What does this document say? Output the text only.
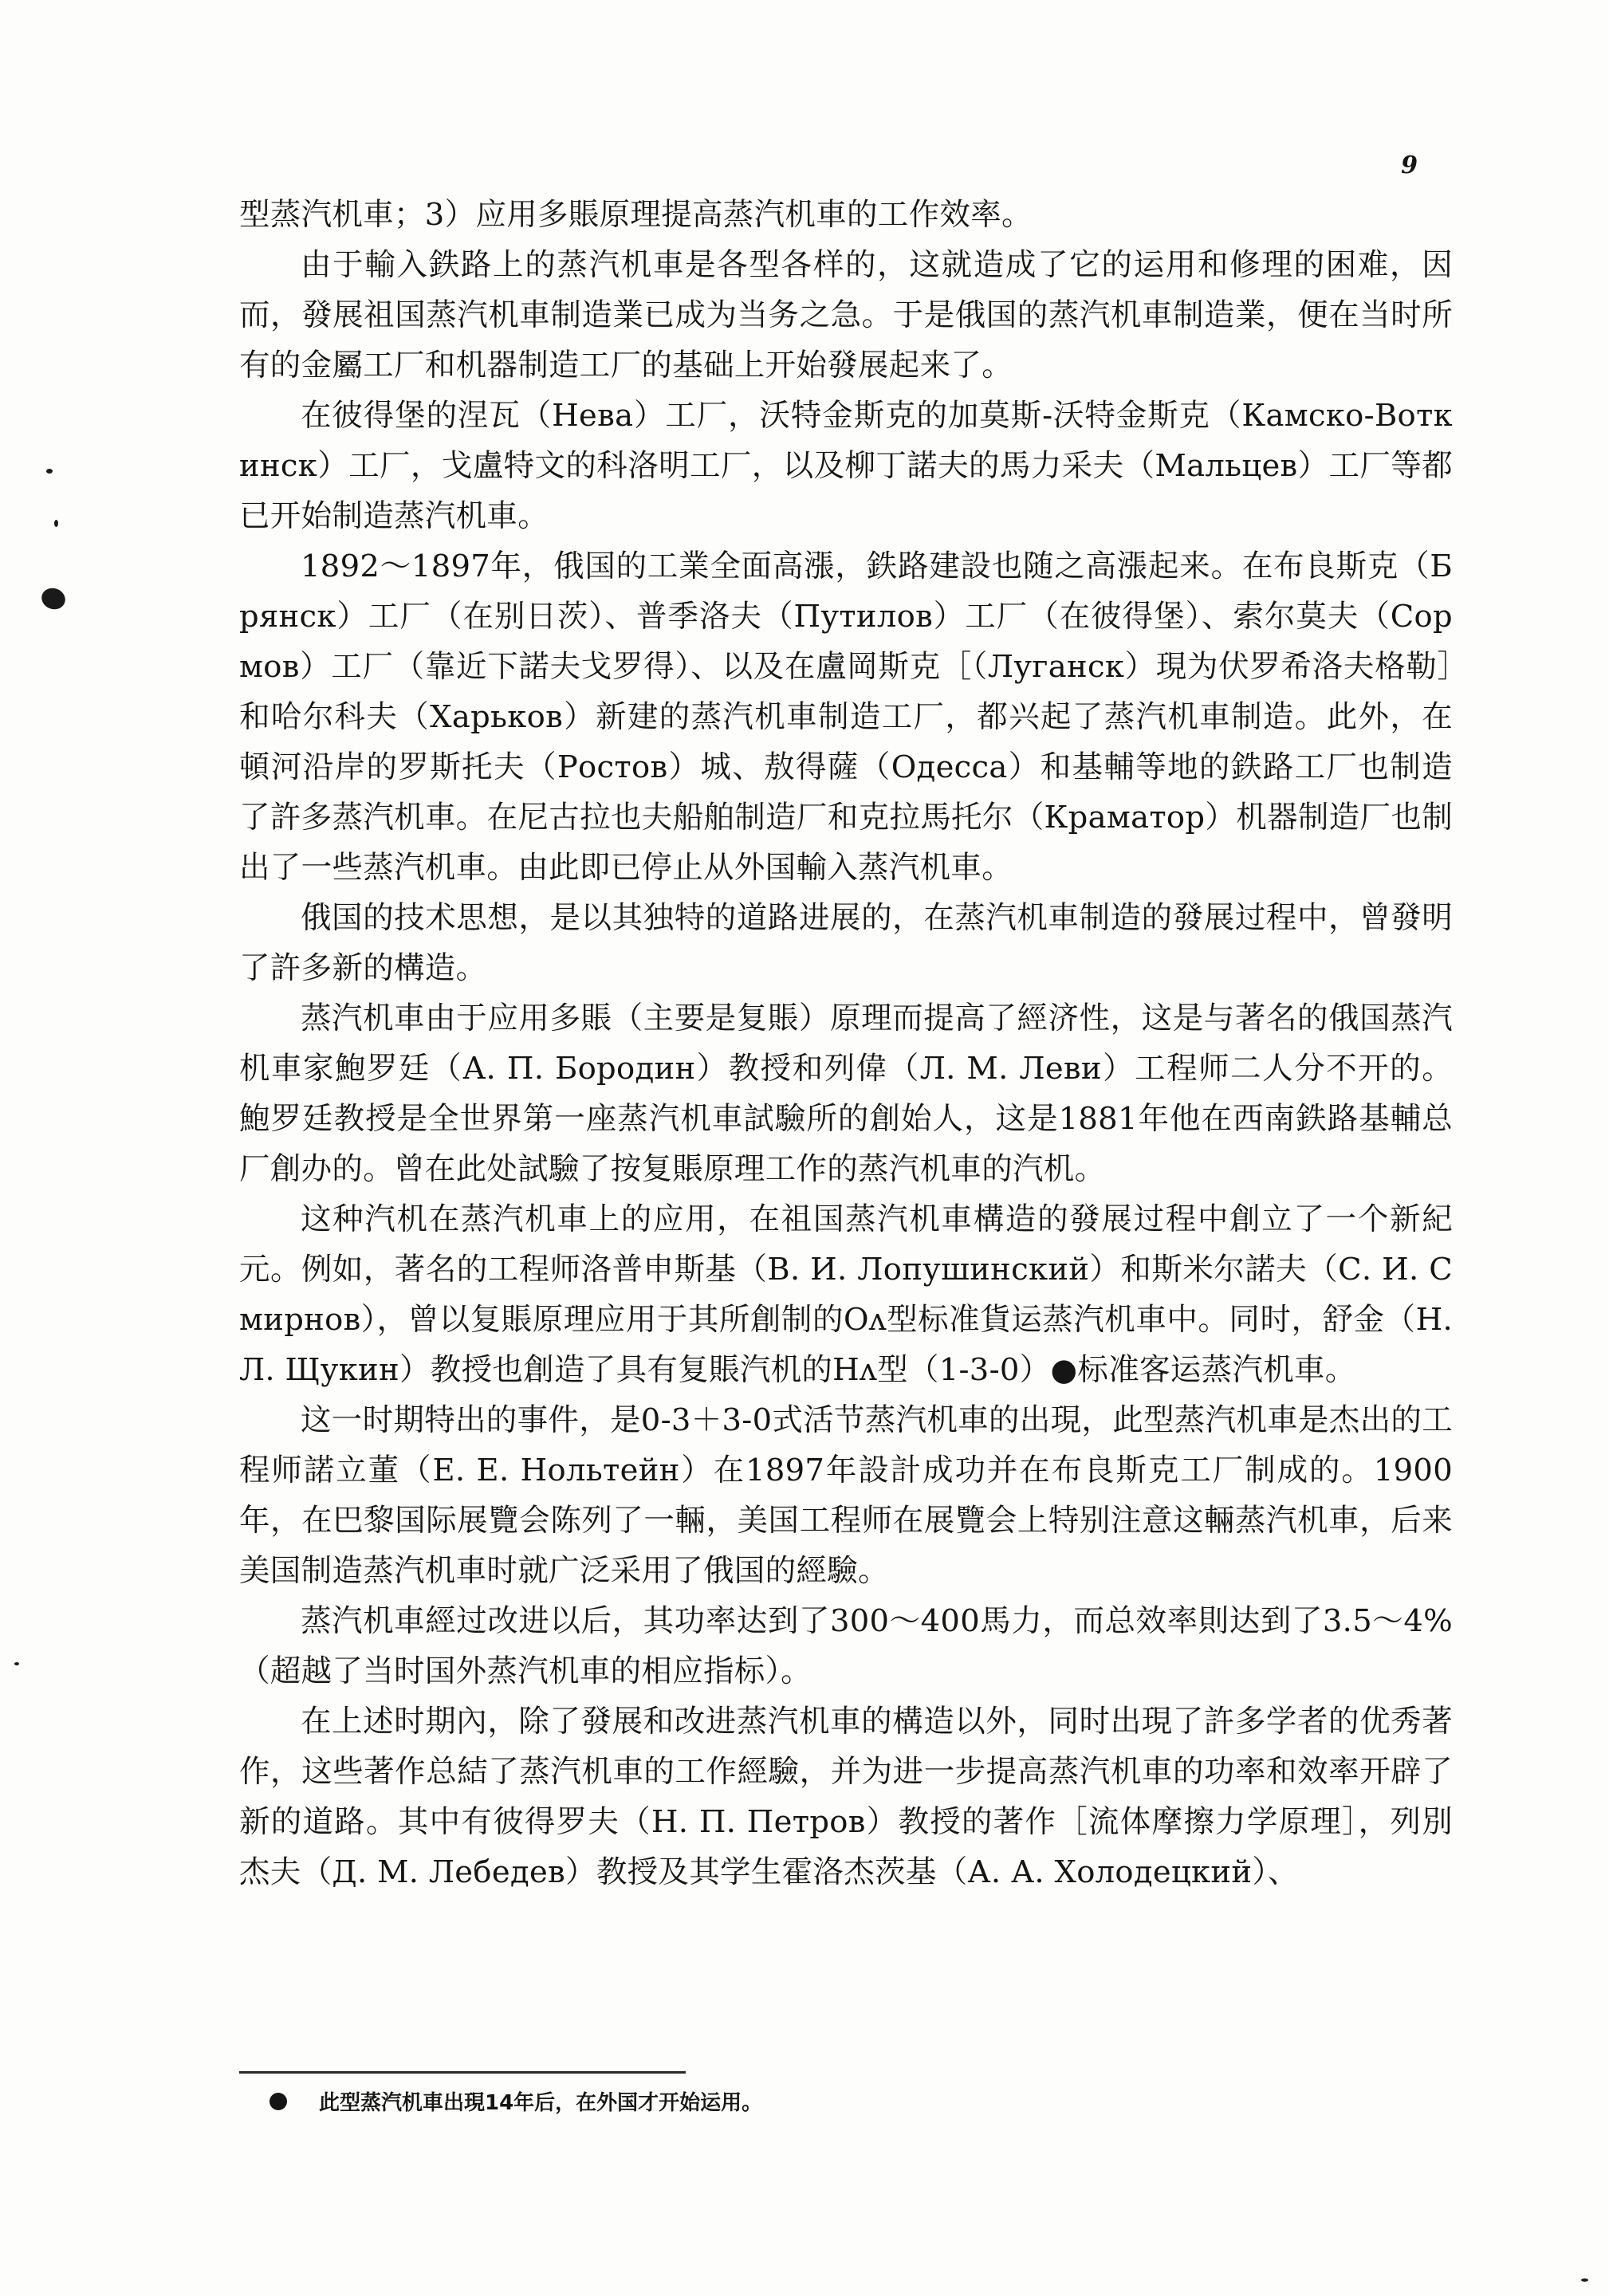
9

型蒸汽机車；3）应用多賬原理提高蒸汽机車的工作效率。

由于輸入鉄路上的蒸汽机車是各型各样的，这就造成了它的运用和修理的困难，因而，發展祖国蒸汽机車制造業已成为当务之急。于是俄国的蒸汽机車制造業，便在当时所有的金屬工厂和机器制造工厂的基础上开始發展起来了。

在彼得堡的涅瓦（Нева）工厂，沃特金斯克的加莫斯-沃特金斯克（Камско-Воткинск）工厂，戈盧特文的科洛明工厂，以及柳丁諾夫的馬力采夫（Мальцев）工厂等都已开始制造蒸汽机車。

1892～1897年，俄国的工業全面高漲，鉄路建設也随之高漲起来。在布良斯克（Брянск）工厂（在别日茨）、普季洛夫（Путилов）工厂（在彼得堡）、索尔莫夫（Сормов）工厂（靠近下諾夫戈罗得）、以及在盧岡斯克［（Луганск）現为伏罗希洛夫格勒］和哈尔科夫（Харьков）新建的蒸汽机車制造工厂，都兴起了蒸汽机車制造。此外，在頓河沿岸的罗斯托夫（Ростов）城、敖得薩（Одесса）和基輔等地的鉄路工厂也制造了許多蒸汽机車。在尼古拉也夫船舶制造厂和克拉馬托尔（Краматор）机器制造厂也制出了一些蒸汽机車。由此即已停止从外国輸入蒸汽机車。

俄国的技术思想，是以其独特的道路进展的，在蒸汽机車制造的發展过程中，曾發明了許多新的構造。

蒸汽机車由于应用多賬（主要是复賬）原理而提高了經济性，这是与著名的俄国蒸汽机車家鮑罗廷（А. П. Бородин）教授和列偉（Л. М. Леви）工程师二人分不开的。鮑罗廷教授是全世界第一座蒸汽机車試驗所的創始人，这是1881年他在西南鉄路基輔总厂創办的。曾在此处試驗了按复賬原理工作的蒸汽机車的汽机。

这种汽机在蒸汽机車上的应用，在祖国蒸汽机車構造的發展过程中創立了一个新紀元。例如，著名的工程师洛普申斯基（В. И. Лопушинский）和斯米尔諾夫（С. И. Смирнов），曾以复賬原理应用于其所創制的Оᴧ型标准貨运蒸汽机車中。同时，舒金（Н. Л. Щукин）教授也創造了具有复賬汽机的Нᴧ型（1-3-0）●标准客运蒸汽机車。

这一时期特出的事件，是0-3＋3-0式活节蒸汽机車的出現，此型蒸汽机車是杰出的工程师諾立董（Е. Е. Нольтейн）在1897年設計成功并在布良斯克工厂制成的。1900年，在巴黎国际展覽会陈列了一輛，美国工程师在展覽会上特别注意这輛蒸汽机車，后来美国制造蒸汽机車时就广泛采用了俄国的經驗。

蒸汽机車經过改进以后，其功率达到了300～400馬力，而总效率則达到了3.5～4%（超越了当时国外蒸汽机車的相应指标）。

在上述时期內，除了發展和改进蒸汽机車的構造以外，同时出現了許多学者的优秀著作，这些著作总結了蒸汽机車的工作經驗，并为进一步提高蒸汽机車的功率和效率开辟了新的道路。其中有彼得罗夫（Н. П. Петров）教授的著作［流体摩擦力学原理］，列別杰夫（Д. М. Лебедев）教授及其学生霍洛杰茨基（А. А. Холодецкий）、

此型蒸汽机車出現14年后，在外国才开始运用。
